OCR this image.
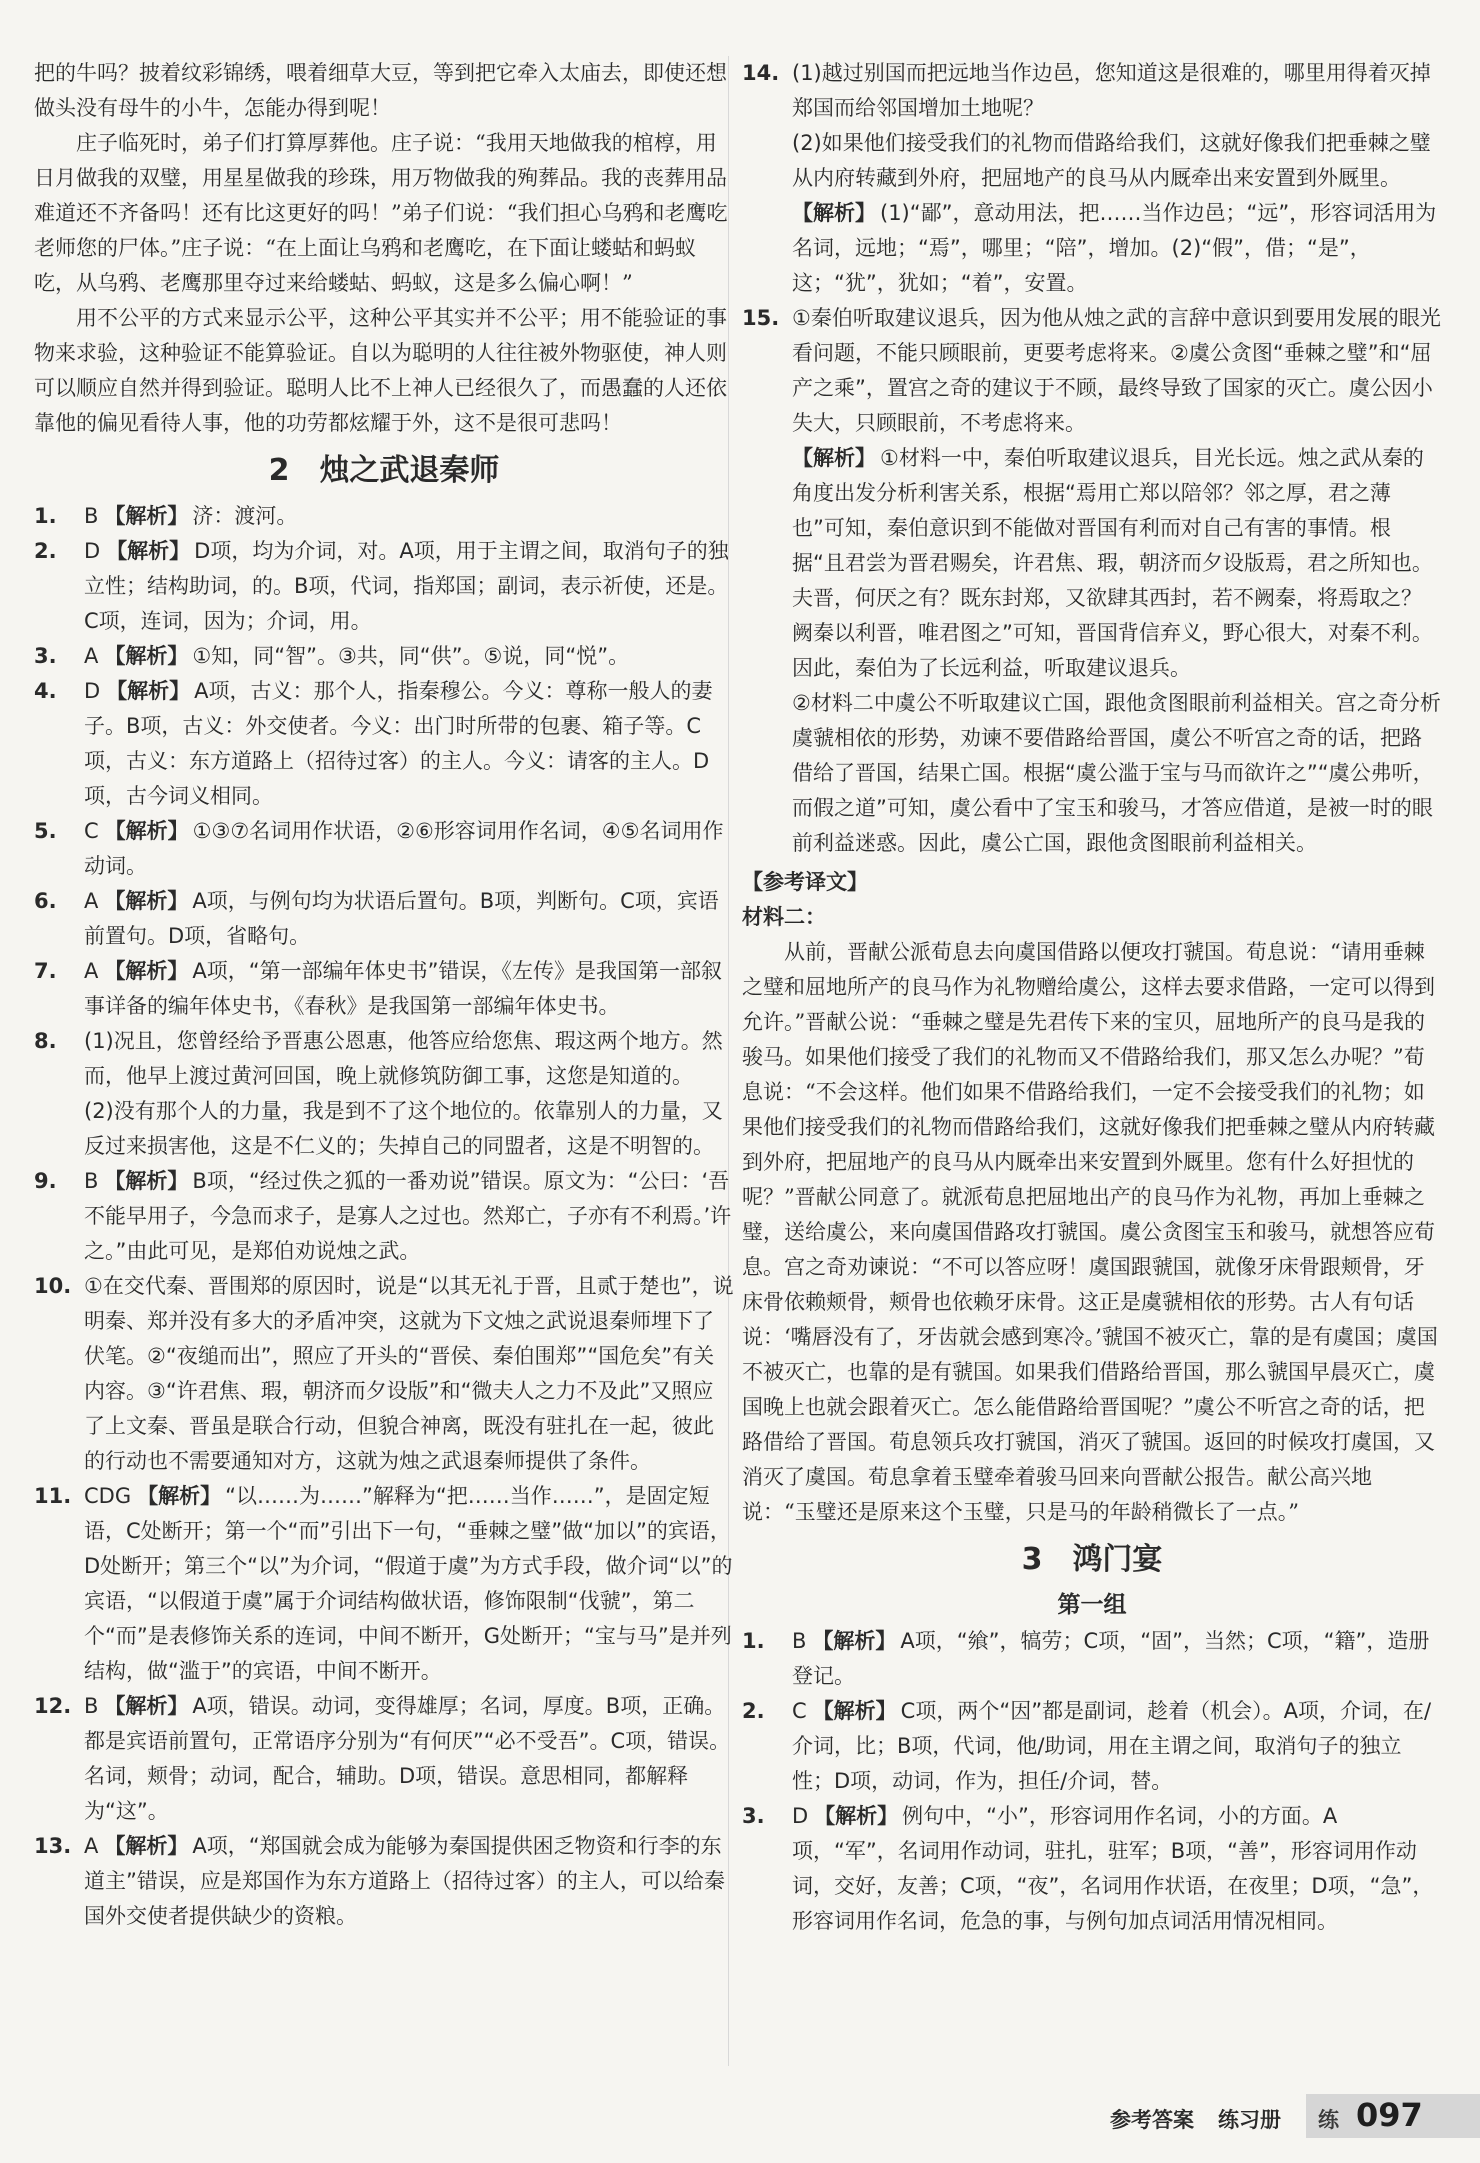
把的牛吗？披着纹彩锦绣，喂着细草大豆，等到把它牵入太庙去，即使还想做头没有母牛的小牛，怎能办得到呢！

庄子临死时，弟子们打算厚葬他。庄子说：“我用天地做我的棺椁，用日月做我的双璧，用星星做我的珍珠，用万物做我的殉葬品。我的丧葬用品难道还不齐备吗！还有比这更好的吗！”弟子们说：“我们担心乌鸦和老鹰吃老师您的尸体。”庄子说：“在上面让乌鸦和老鹰吃，在下面让蝼蛄和蚂蚁吃，从乌鸦、老鹰那里夺过来给蝼蛄、蚂蚁，这是多么偏心啊！”

用不公平的方式来显示公平，这种公平其实并不公平；用不能验证的事物来求验，这种验证不能算验证。自以为聪明的人往往被外物驱使，神人则可以顺应自然并得到验证。聪明人比不上神人已经很久了，而愚蠢的人还依靠他的偏见看待人事，他的功劳都炫耀于外，这不是很可悲吗！

2 烛之武退秦师
1.	B 【解析】 济：渡河。
2.	D 【解析】 D项，均为介词，对。A项，用于主谓之间，取消句子的独立性；结构助词，的。B项，代词，指郑国；副词，表示祈使，还是。C项，连词，因为；介词，用。
3.	A 【解析】 ①知，同“智”。③共，同“供”。⑤说，同“悦”。
4.	D 【解析】 A项，古义：那个人，指秦穆公。今义：尊称一般人的妻子。B项，古义：外交使者。今义：出门时所带的包裹、箱子等。C项，古义：东方道路上（招待过客）的主人。今义：请客的主人。D项，古今词义相同。
5.	C 【解析】 ①③⑦名词用作状语，②⑥形容词用作名词，④⑤名词用作动词。
6.	A 【解析】 A项，与例句均为状语后置句。B项，判断句。C项，宾语前置句。D项，省略句。
7.	A 【解析】 A项，“第一部编年体史书”错误，《左传》是我国第一部叙事详备的编年体史书，《春秋》是我国第一部编年体史书。
8.	(1)况且，您曾经给予晋惠公恩惠，他答应给您焦、瑕这两个地方。然而，他早上渡过黄河回国，晚上就修筑防御工事，这您是知道的。
(2)没有那个人的力量，我是到不了这个地位的。依靠别人的力量，又反过来损害他，这是不仁义的；失掉自己的同盟者，这是不明智的。
9.	B 【解析】 B项，“经过佚之狐的一番劝说”错误。原文为：“公曰：‘吾不能早用子，今急而求子，是寡人之过也。然郑亡，子亦有不利焉。’许之。”由此可见，是郑伯劝说烛之武。
10. ①在交代秦、晋围郑的原因时，说是“以其无礼于晋，且贰于楚也”，说明秦、郑并没有多大的矛盾冲突，这就为下文烛之武说退秦师埋下了伏笔。②“夜缒而出”，照应了开头的“晋侯、秦伯围郑”“国危矣”有关内容。③“许君焦、瑕，朝济而夕设版”和“微夫人之力不及此”又照应了上文秦、晋虽是联合行动，但貌合神离，既没有驻扎在一起，彼此的行动也不需要通知对方，这就为烛之武退秦师提供了条件。
11. CDG 【解析】 “以……为……”解释为“把……当作……”，是固定短语，C处断开；第一个“而”引出下一句，“垂棘之璧”做“加以”的宾语，D处断开；第三个“以”为介词，“假道于虞”为方式手段，做介词“以”的宾语，“以假道于虞”属于介词结构做状语，修饰限制“伐虢”，第二个“而”是表修饰关系的连词，中间不断开，G处断开；“宝与马”是并列结构，做“滥于”的宾语，中间不断开。
12. B 【解析】 A项，错误。动词，变得雄厚；名词，厚度。B项，正确。都是宾语前置句，正常语序分别为“有何厌”“必不受吾”。C项，错误。名词，颊骨；动词，配合，辅助。D项，错误。意思相同，都解释为“这”。
13. A 【解析】 A项，“郑国就会成为能够为秦国提供困乏物资和行李的东道主”错误，应是郑国作为东方道路上（招待过客）的主人，可以给秦国外交使者提供缺少的资粮。
14. (1)越过别国而把远地当作边邑，您知道这是很难的，哪里用得着灭掉郑国而给邻国增加土地呢？
(2)如果他们接受我们的礼物而借路给我们，这就好像我们把垂棘之璧从内府转藏到外府，把屈地产的良马从内厩牵出来安置到外厩里。
【解析】 (1)“鄙”，意动用法，把……当作边邑；“远”，形容词活用为名词，远地；“焉”，哪里；“陪”，增加。(2)“假”，借；“是”，这；“犹”，犹如；“着”，安置。
15. ①秦伯听取建议退兵，因为他从烛之武的言辞中意识到要用发展的眼光看问题，不能只顾眼前，更要考虑将来。②虞公贪图“垂棘之璧”和“屈产之乘”，置宫之奇的建议于不顾，最终导致了国家的灭亡。虞公因小失大，只顾眼前，不考虑将来。
【解析】 ①材料一中，秦伯听取建议退兵，目光长远。烛之武从秦的角度出发分析利害关系，根据“焉用亡郑以陪邻？邻之厚，君之薄也”可知，秦伯意识到不能做对晋国有利而对自己有害的事情。根据“且君尝为晋君赐矣，许君焦、瑕，朝济而夕设版焉，君之所知也。夫晋，何厌之有？既东封郑，又欲肆其西封，若不阙秦，将焉取之？阙秦以利晋，唯君图之”可知，晋国背信弃义，野心很大，对秦不利。因此，秦伯为了长远利益，听取建议退兵。
②材料二中虞公不听取建议亡国，跟他贪图眼前利益相关。宫之奇分析虞虢相依的形势，劝谏不要借路给晋国，虞公不听宫之奇的话，把路借给了晋国，结果亡国。根据“虞公滥于宝与马而欲许之”“虞公弗听，而假之道”可知，虞公看中了宝玉和骏马，才答应借道，是被一时的眼前利益迷惑。因此，虞公亡国，跟他贪图眼前利益相关。
【参考译文】
材料二：

从前，晋献公派荀息去向虞国借路以便攻打虢国。荀息说：“请用垂棘之璧和屈地所产的良马作为礼物赠给虞公，这样去要求借路，一定可以得到允许。”晋献公说：“垂棘之璧是先君传下来的宝贝，屈地所产的良马是我的骏马。如果他们接受了我们的礼物而又不借路给我们，那又怎么办呢？”荀息说：“不会这样。他们如果不借路给我们，一定不会接受我们的礼物；如果他们接受我们的礼物而借路给我们，这就好像我们把垂棘之璧从内府转藏到外府，把屈地产的良马从内厩牵出来安置到外厩里。您有什么好担忧的呢？”晋献公同意了。就派荀息把屈地出产的良马作为礼物，再加上垂棘之璧，送给虞公，来向虞国借路攻打虢国。虞公贪图宝玉和骏马，就想答应荀息。宫之奇劝谏说：“不可以答应呀！虞国跟虢国，就像牙床骨跟颊骨，牙床骨依赖颊骨，颊骨也依赖牙床骨。这正是虞虢相依的形势。古人有句话说：‘嘴唇没有了，牙齿就会感到寒冷。’虢国不被灭亡，靠的是有虞国；虞国不被灭亡，也靠的是有虢国。如果我们借路给晋国，那么虢国早晨灭亡，虞国晚上也就会跟着灭亡。怎么能借路给晋国呢？”虞公不听宫之奇的话，把路借给了晋国。荀息领兵攻打虢国，消灭了虢国。返回的时候攻打虞国，又消灭了虞国。荀息拿着玉璧牵着骏马回来向晋献公报告。献公高兴地说：“玉璧还是原来这个玉璧，只是马的年龄稍微长了一点。”

3 鸿门宴
第一组
1.	B 【解析】 A项，“飨”，犒劳；C项，“固”，当然；C项，“籍”，造册登记。
2.	C 【解析】 C项，两个“因”都是副词，趁着（机会）。A项，介词，在/介词，比；B项，代词，他/助词，用在主谓之间，取消句子的独立性；D项，动词，作为，担任/介词，替。
3.	D 【解析】 例句中，“小”，形容词用作名词，小的方面。A项，“军”，名词用作动词，驻扎，驻军；B项，“善”，形容词用作动词，交好，友善；C项，“夜”，名词用作状语，在夜里；D项，“急”，形容词用作名词，危急的事，与例句加点词活用情况相同。
参考答案 练习册 练 097
